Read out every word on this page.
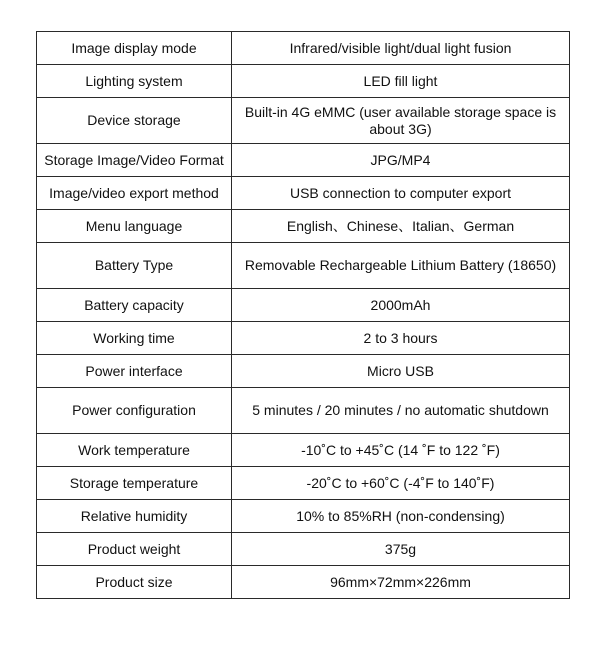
Image display mode	Infrared/visible light/dual light fusion
Lighting system	LED fill light
Device storage	Built-in 4G eMMC (user available storage space is about 3G)
Storage Image/Video Format	JPG/MP4
Image/video export method	USB connection to computer export
Menu language	English、Chinese、Italian、German
Battery Type	Removable Rechargeable Lithium Battery (18650)
Battery capacity	2000mAh
Working time	2 to 3 hours
Power interface	Micro USB
Power configuration	5 minutes / 20 minutes / no automatic shutdown
Work temperature	-10˚C to +45˚C (14 ˚F to 122 ˚F)
Storage temperature	-20˚C to +60˚C (-4˚F to 140˚F)
Relative humidity	10% to 85%RH (non-condensing)
Product weight	375g
Product size	96mm×72mm×226mm
